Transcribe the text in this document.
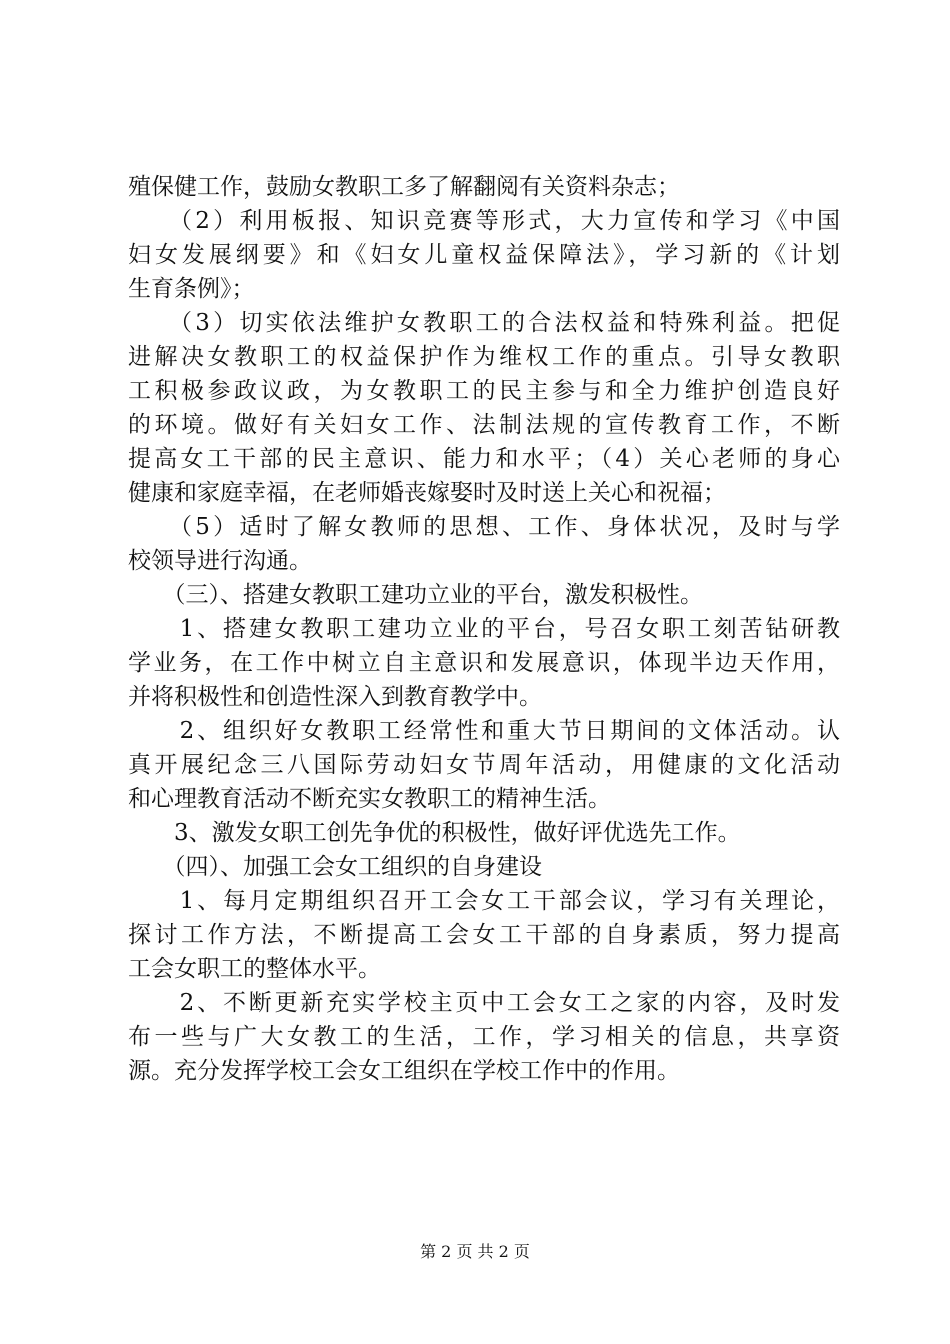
殖保健工作，鼓励女教职工多了解翻阅有关资料杂志；
　　（2）利用板报、知识竞赛等形式，大力宣传和学习《中国
妇女发展纲要》和《妇女儿童权益保障法》，学习新的《计划
生育条例》；
　　（3）切实依法维护女教职工的合法权益和特殊利益。把促
进解决女教职工的权益保护作为维权工作的重点。引导女教职
工积极参政议政，为女教职工的民主参与和全力维护创造良好
的环境。做好有关妇女工作、法制法规的宣传教育工作，不断
提高女工干部的民主意识、能力和水平；（4）关心老师的身心
健康和家庭幸福，在老师婚丧嫁娶时及时送上关心和祝福；
　　（5）适时了解女教师的思想、工作、身体状况，及时与学
校领导进行沟通。
　　（三）、搭建女教职工建功立业的平台，激发积极性。
　　1、搭建女教职工建功立业的平台，号召女职工刻苦钻研教
学业务，在工作中树立自主意识和发展意识，体现半边天作用，
并将积极性和创造性深入到教育教学中。
　　2、组织好女教职工经常性和重大节日期间的文体活动。认
真开展纪念三八国际劳动妇女节周年活动，用健康的文化活动
和心理教育活动不断充实女教职工的精神生活。
　　3、激发女职工创先争优的积极性，做好评优选先工作。
　　（四）、加强工会女工组织的自身建设
　　1、每月定期组织召开工会女工干部会议，学习有关理论，
探讨工作方法，不断提高工会女工干部的自身素质，努力提高
工会女职工的整体水平。
　　2、不断更新充实学校主页中工会女工之家的内容，及时发
布一些与广大女教工的生活，工作，学习相关的信息，共享资
源。充分发挥学校工会女工组织在学校工作中的作用。
第 2 页 共 2 页
